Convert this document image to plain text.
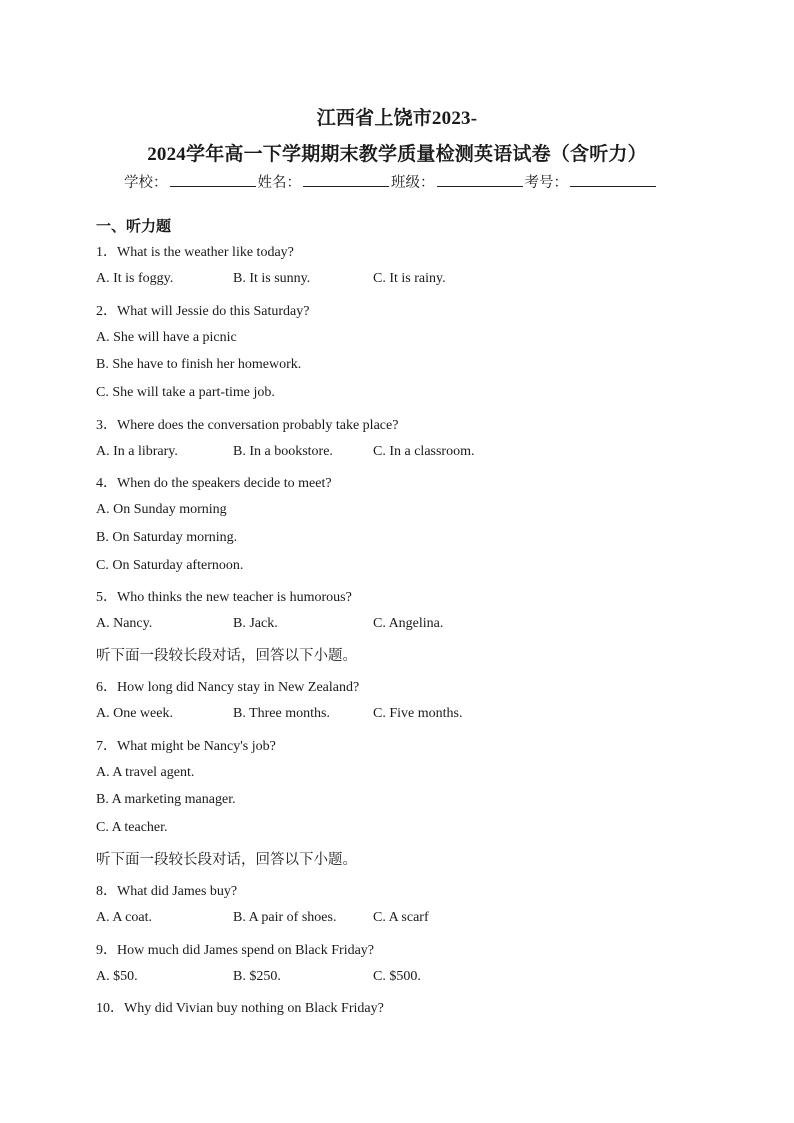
江西省上饶市2023-
2024学年高一下学期期末教学质量检测英语试卷（含听力）
学校：	姓名：	班级：	考号：
一、听力题
1．What is the weather like today?
A. It is foggy.	B. It is sunny.	C. It is rainy.
2．What will Jessie do this Saturday?
A. She will have a picnic
B. She have to finish her homework.
C. She will take a part-time job.
3．Where does the conversation probably take place?
A. In a library.	B. In a bookstore.	C. In a classroom.
4．When do the speakers decide to meet?
A. On Sunday morning
B. On Saturday morning.
C. On Saturday afternoon.
5．Who thinks the new teacher is humorous?
A. Nancy.	B. Jack.	C. Angelina.
听下面一段较长段对话，回答以下小题。
6．How long did Nancy stay in New Zealand?
A. One week.	B. Three months.	C. Five months.
7．What might be Nancy's job?
A. A travel agent.
B. A marketing manager.
C. A teacher.
听下面一段较长段对话，回答以下小题。
8．What did James buy?
A. A coat.	B. A pair of shoes.	C. A scarf
9．How much did James spend on Black Friday?
A. $50.	B. $250.	C. $500.
10．Why did Vivian buy nothing on Black Friday?
